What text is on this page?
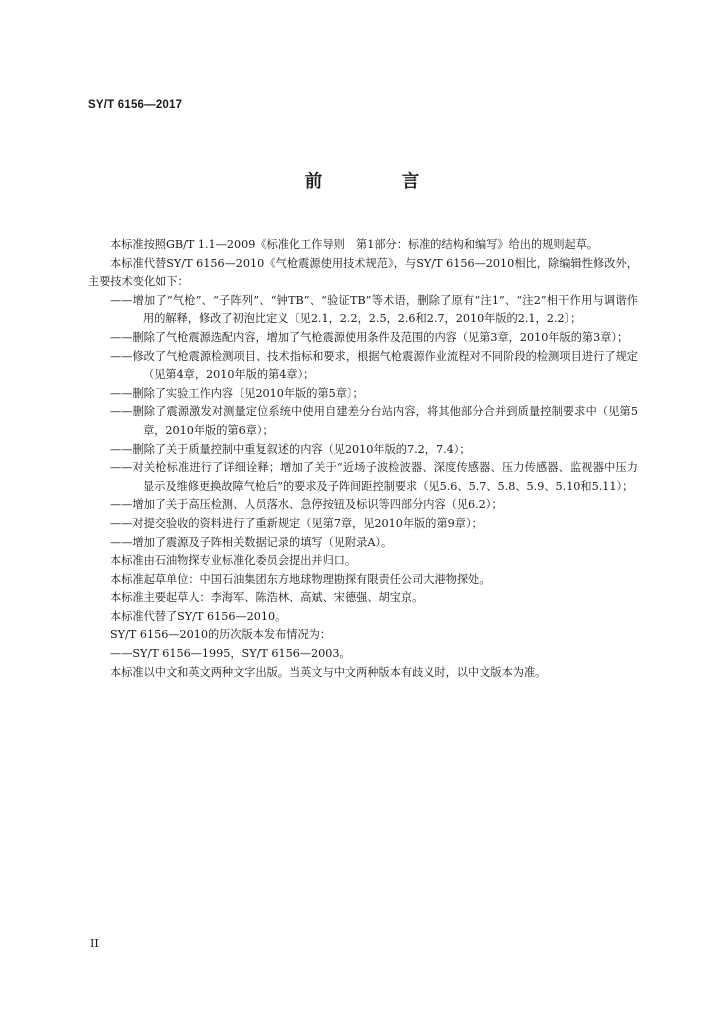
SY/T 6156—2017
前　言

本标准按照GB/T 1.1—2009《标准化工作导则　第1部分：标准的结构和编写》给出的规则起草。

本标准代替SY/T 6156—2010《气枪震源使用技术规范》，与SY/T 6156—2010相比，除编辑性修改外，主要技术变化如下：

——增加了“气枪”、“子阵列”、“钟TB”、“验证TB”等术语，删除了原有“注1”、“注2”相干作用与调谐作用的解释，修改了初泡比定义〔见2.1，2.2，2.5，2.6和2.7，2010年版的2.1，2.2〕；

——删除了气枪震源选配内容，增加了气枪震源使用条件及范围的内容（见第3章，2010年版的第3章）；

——修改了气枪震源检测项目、技术指标和要求，根据气枪震源作业流程对不同阶段的检测项目进行了规定（见第4章，2010年版的第4章）；

——删除了实验工作内容〔见2010年版的第5章〕；

——删除了震源激发对测量定位系统中使用自建差分台站内容，将其他部分合并到质量控制要求中（见第5章，2010年版的第6章）；

——删除了关于质量控制中重复叙述的内容（见2010年版的7.2，7.4）；

——对关枪标准进行了详细诠释；增加了关于“近场子波检波器、深度传感器、压力传感器、监视器中压力显示及维修更换故障气枪后”的要求及子阵间距控制要求（见5.6、5.7、5.8、5.9、5.10和5.11）；

——增加了关于高压检测、人员落水、急停按钮及标识等四部分内容（见6.2）；

——对提交验收的资料进行了重新规定（见第7章，见2010年版的第9章）；

——增加了震源及子阵相关数据记录的填写（见附录A）。

本标准由石油物探专业标准化委员会提出并归口。

本标准起草单位：中国石油集团东方地球物理勘探有限责任公司大港物探处。

本标准主要起草人：李海军、陈浩林、高斌、宋德强、胡宝京。

本标准代替了SY/T 6156—2010。

SY/T 6156—2010的历次版本发布情况为：

——SY/T 6156—1995，SY/T 6156—2003。

本标准以中文和英文两种文字出版。当英文与中文两种版本有歧义时，以中文版本为准。

II
